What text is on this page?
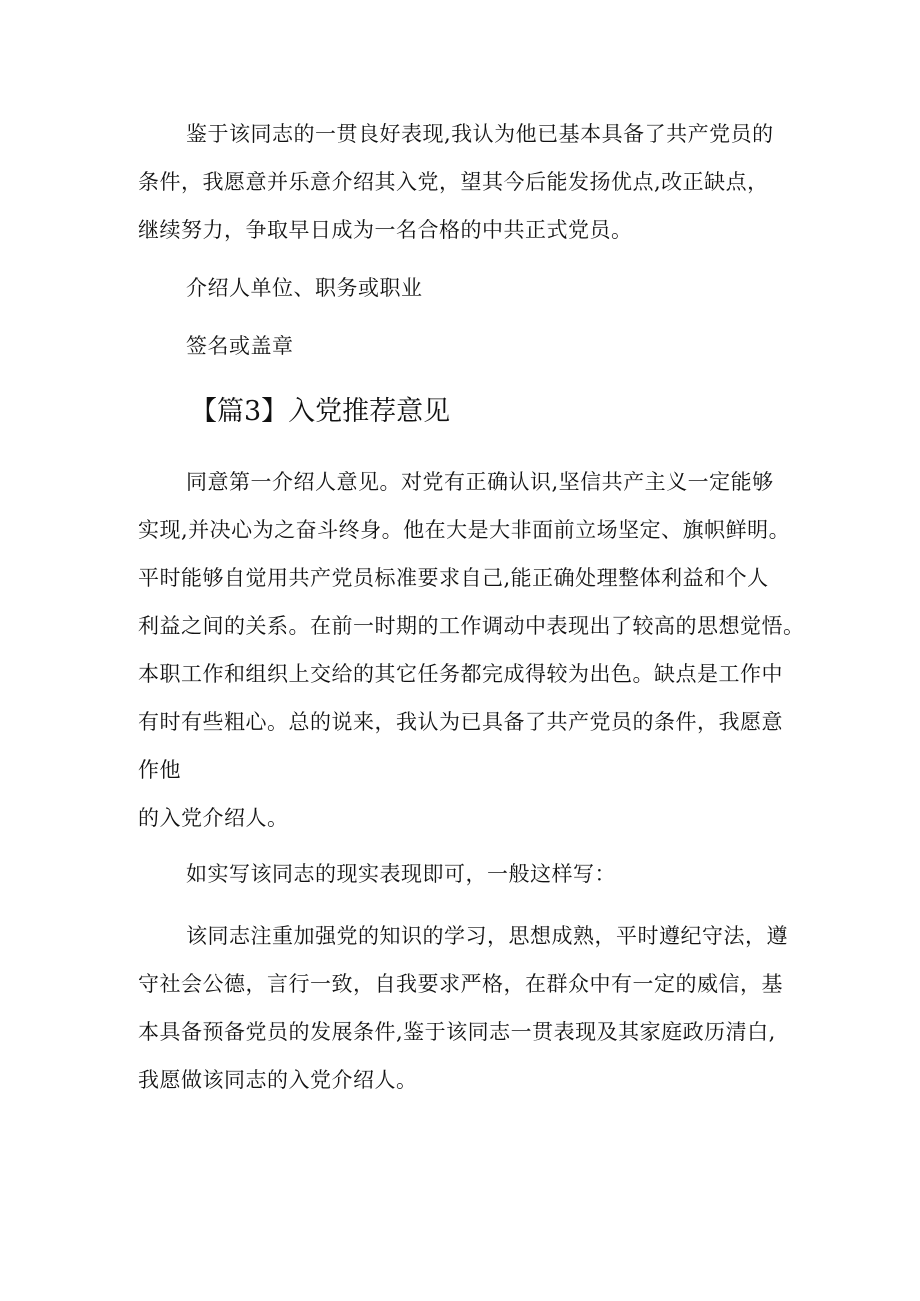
鉴于该同志的一贯良好表现,我认为他已基本具备了共产党员的
条件，我愿意并乐意介绍其入党，望其今后能发扬优点,改正缺点，
继续努力，争取早日成为一名合格的中共正式党员。

介绍人单位、职务或职业

签名或盖章

【篇3】入党推荐意见
同意第一介绍人意见。对党有正确认识,坚信共产主义一定能够
实现,并决心为之奋斗终身。他在大是大非面前立场坚定、旗帜鲜明。
平时能够自觉用共产党员标准要求自己,能正确处理整体利益和个人
利益之间的关系。在前一时期的工作调动中表现出了较高的思想觉悟。
本职工作和组织上交给的其它任务都完成得较为出色。缺点是工作中
有时有些粗心。总的说来，我认为已具备了共产党员的条件，我愿意
作他
的入党介绍人。

如实写该同志的现实表现即可，一般这样写：

该同志注重加强党的知识的学习，思想成熟，平时遵纪守法，遵
守社会公德，言行一致，自我要求严格，在群众中有一定的威信，基
本具备预备党员的发展条件,鉴于该同志一贯表现及其家庭政历清白,
我愿做该同志的入党介绍人。
